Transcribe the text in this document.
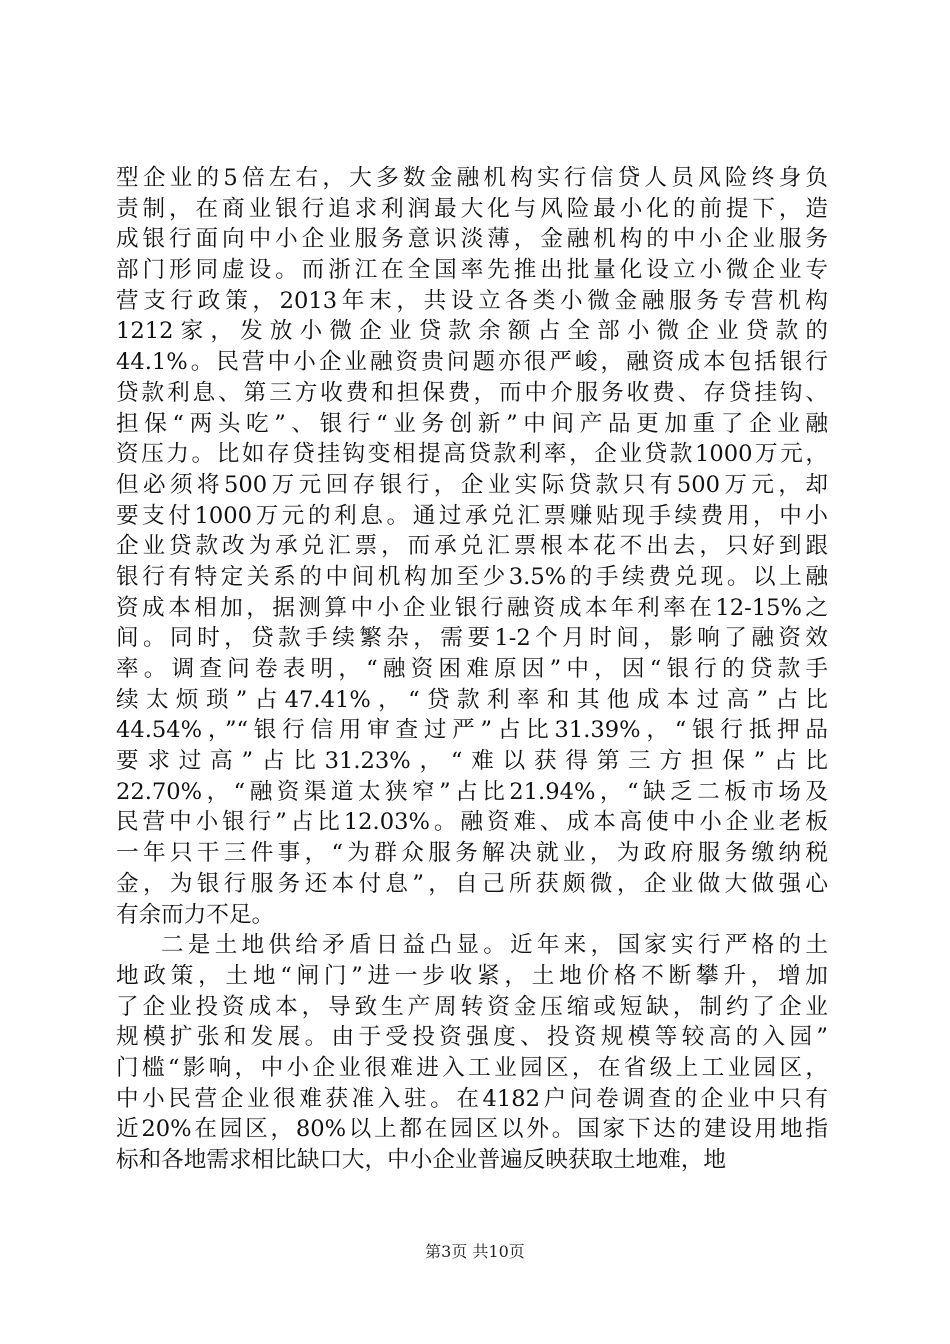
型企业的5倍左右，大多数金融机构实行信贷人员风险终身负
责制，在商业银行追求利润最大化与风险最小化的前提下，造
成银行面向中小企业服务意识淡薄，金融机构的中小企业服务
部门形同虚设。而浙江在全国率先推出批量化设立小微企业专
营支行政策，2013年末，共设立各类小微金融服务专营机构
1212家，发放小微企业贷款余额占全部小微企业贷款的
44.1%。民营中小企业融资贵问题亦很严峻，融资成本包括银行
贷款利息、第三方收费和担保费，而中介服务收费、存贷挂钩、
担保“两头吃”、银行“业务创新”中间产品更加重了企业融
资压力。比如存贷挂钩变相提高贷款利率，企业贷款1000万元，
但必须将500万元回存银行，企业实际贷款只有500万元，却
要支付1000万元的利息。通过承兑汇票赚贴现手续费用，中小
企业贷款改为承兑汇票，而承兑汇票根本花不出去，只好到跟
银行有特定关系的中间机构加至少3.5%的手续费兑现。以上融
资成本相加，据测算中小企业银行融资成本年利率在12-15%之
间。同时，贷款手续繁杂，需要1-2个月时间，影响了融资效
率。调查问卷表明，“融资困难原因”中，因“银行的贷款手
续太烦琐”占47.41%，“贷款利率和其他成本过高”占比
44.54%，”“银行信用审查过严”占比31.39%，“银行抵押品
要求过高”占比31.23%，“难以获得第三方担保”占比
22.70%，“融资渠道太狭窄”占比21.94%，“缺乏二板市场及
民营中小银行”占比12.03%。融资难、成本高使中小企业老板
一年只干三件事，“为群众服务解决就业，为政府服务缴纳税
金，为银行服务还本付息”，自己所获颇微，企业做大做强心
有余而力不足。
二是土地供给矛盾日益凸显。近年来，国家实行严格的土
地政策，土地“闸门”进一步收紧，土地价格不断攀升，增加
了企业投资成本，导致生产周转资金压缩或短缺，制约了企业
规模扩张和发展。由于受投资强度、投资规模等较高的入园”
门槛“影响，中小企业很难进入工业园区，在省级上工业园区，
中小民营企业很难获准入驻。在4182户问卷调查的企业中只有
近20%在园区，80%以上都在园区以外。国家下达的建设用地指
标和各地需求相比缺口大，中小企业普遍反映获取土地难，地
第3页 共10页
